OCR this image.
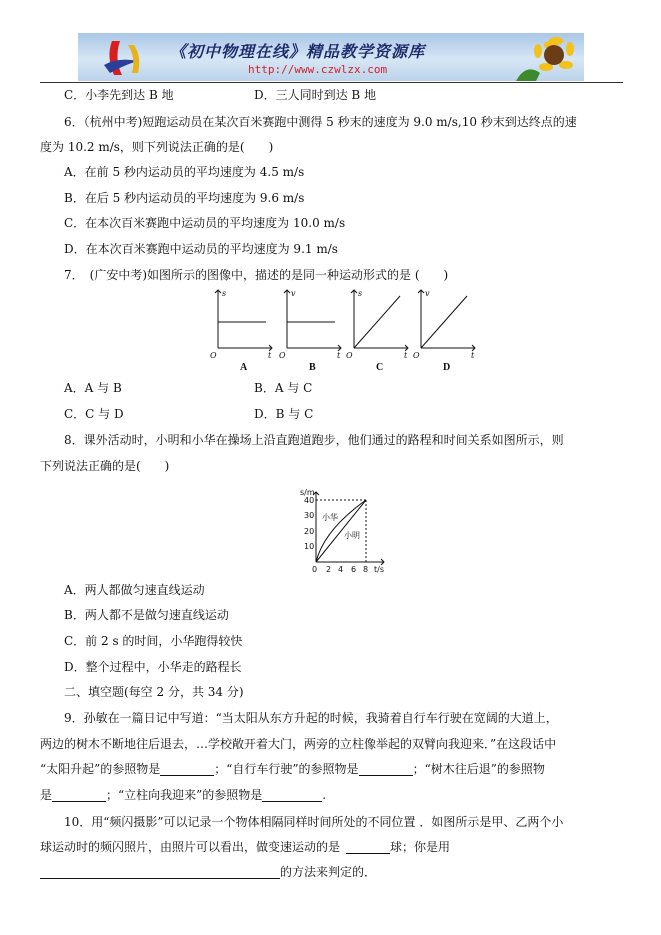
《初中物理在线》精品教学资源库
http://www.czwlzx.com
C．小李先到达 B 地	D．三人同时到达 B 地
6．（杭州中考)短跑运动员在某次百米赛跑中测得 5 秒末的速度为 9.0 m/s,10 秒末到达终点的速
度为 10.2 m/s，则下列说法正确的是(　　)
A．在前 5 秒内运动员的平均速度为 4.5 m/s
B．在后 5 秒内运动员的平均速度为 9.6 m/s
C．在本次百米赛跑中运动员的平均速度为 10.0 m/s
D．在本次百米赛跑中运动员的平均速度为 9.1 m/s
7．　(广安中考)如图所示的图像中，描述的是同一种运动形式的是 (　　)
s
t
O
A
v
t
O
B
s
t
O
C
v
t
O
D
A．A 与 B	B．A 与 C
C．C 与 D	D．B 与 C
8．课外活动时，小明和小华在操场上沿直跑道跑步，他们通过的路程和时间关系如图所示，则
下列说法正确的是(　　)
s/m
40
30
20
10
0 2 4 6 8 t/s
小华
小明
A．两人都做匀速直线运动
B．两人都不是做匀速直线运动
C．前 2 s 的时间，小华跑得较快
D．整个过程中，小华走的路程长
二、填空题(每空 2 分，共 34 分)
9．孙敏在一篇日记中写道：“当太阳从东方升起的时候，我骑着自行车行驶在宽阔的大道上，
两边的树木不断地往后退去，…学校敞开着大门，两旁的立柱像举起的双臂向我迎来．”在这段话中
“太阳升起”的参照物是	；“自行车行驶”的参照物是	；“树木往后退”的参照物
是	；“立柱向我迎来”的参照物是	.
10．用“频闪摄影”可以记录一个物体相隔同样时间所处的不同位置 ．如图所示是甲、乙两个小
球运动时的频闪照片，由照片可以看出，做变速运动的是	球；你是用
的方法来判定的．
